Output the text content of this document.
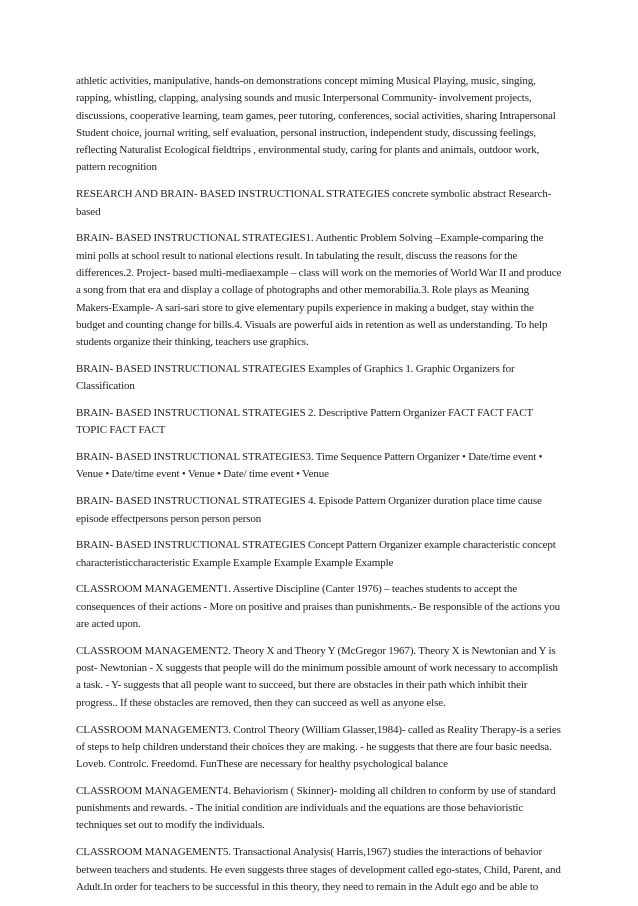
athletic activities, manipulative, hands-on demonstrations concept miming Musical Playing, music, singing, rapping, whistling, clapping, analysing sounds and music Interpersonal Community- involvement projects, discussions, cooperative learning, team games, peer tutoring, conferences, social activities, sharing Intrapersonal Student choice, journal writing, self evaluation, personal instruction, independent study, discussing feelings, reflecting Naturalist Ecological fieldtrips , environmental study, caring for plants and animals, outdoor work, pattern recognition

RESEARCH AND BRAIN- BASED INSTRUCTIONAL STRATEGIES concrete symbolic abstract Research-based

BRAIN- BASED INSTRUCTIONAL STRATEGIES1. Authentic Problem Solving –Example-comparing the mini polls at school result to national elections result. In tabulating the result, discuss the reasons for the differences.2. Project- based multi-mediaexample – class will work on the memories of World War II and produce a song from that era and display a collage of photographs and other memorabilia.3. Role plays as Meaning Makers-Example- A sari-sari store to give elementary pupils experience in making a budget, stay within the budget and counting change for bills.4. Visuals are powerful aids in retention as well as understanding. To help students organize their thinking, teachers use graphics.

BRAIN- BASED INSTRUCTIONAL STRATEGIES Examples of Graphics 1. Graphic Organizers for Classification

BRAIN- BASED INSTRUCTIONAL STRATEGIES 2. Descriptive Pattern Organizer FACT FACT FACT TOPIC FACT FACT

BRAIN- BASED INSTRUCTIONAL STRATEGIES3. Time Sequence Pattern Organizer • Date/time event • Venue • Date/time event • Venue • Date/ time event • Venue

BRAIN- BASED INSTRUCTIONAL STRATEGIES 4. Episode Pattern Organizer duration place time cause episode effectpersons person person person

BRAIN- BASED INSTRUCTIONAL STRATEGIES Concept Pattern Organizer example characteristic concept characteristiccharacteristic Example Example Example Example Example

CLASSROOM MANAGEMENT1. Assertive Discipline (Canter 1976) – teaches students to accept the consequences of their actions - More on positive and praises than punishments.- Be responsible of the actions you are acted upon.

CLASSROOM MANAGEMENT2. Theory X and Theory Y (McGregor 1967). Theory X is Newtonian and Y is post- Newtonian - X suggests that people will do the minimum possible amount of work necessary to accomplish a task. - Y- suggests that all people want to succeed, but there are obstacles in their path which inhibit their progress.. If these obstacles are removed, then they can succeed as well as anyone else.

CLASSROOM MANAGEMENT3. Control Theory (William Glasser,1984)- called as Reality Therapy-is a series of steps to help children understand their choices they are making. - he suggests that there are four basic needsa. Loveb. Controlc. Freedomd. FunThese are necessary for healthy psychological balance

CLASSROOM MANAGEMENT4. Behaviorism ( Skinner)- molding all children to conform by use of standard punishments and rewards. - The initial condition are individuals and the equations are those behavioristic techniques set out to modify the individuals.

CLASSROOM MANAGEMENT5. Transactional Analysis( Harris,1967) studies the interactions of behavior between teachers and students. He even suggests three stages of development called ego-states, Child, Parent, and Adult.In order for teachers to be successful in this theory, they need to remain in the Adult ego and be able to
